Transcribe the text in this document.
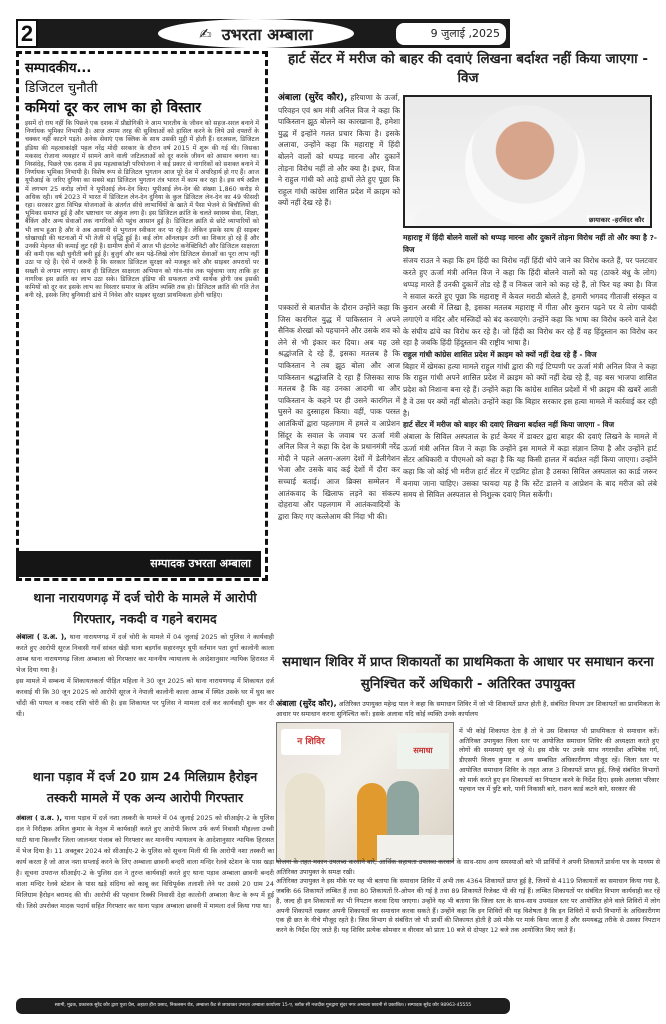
2	✍ उभरता अम्बाला	9 जुलाई ,2025
सम्पादकीय...
डिजिटल चुनौती
कमियां दूर कर लाभ का हो विस्तार
इसमें दो राय नहीं कि पिछले एक दशक में प्रौद्योगिकी ने आम भारतीय के जीवन को सहज-सरल बनाने में निर्णायक भूमिका निभायी है। आज तमाम तरह की सुविधाओं को हासिल करने के लिये उसे दफ्तरों के चक्कर नहीं काटने पड़ते। अनेक सेवाएं एक क्लिक के साथ उसकी मुट्ठी में होती हैं। दरअसल, डिजिटल इंडिया की महत्वाकांक्षी पहल नरेंद्र मोदी सरकार के दौरान वर्ष 2015 में शुरू की गई थी। जिसका मकसद रोजाना व्यवहार में सामने आने वाली जटिलताओं को दूर करके जीवन को आसान बनाना था। निस्संदेह, पिछले एक दशक में इस महत्वाकांक्षी परियोजना ने कई प्रकार से नागरिकों को सशक्त बनाने में निर्णायक भूमिका निभायी है। विशेष रूप से डिजिटल भुगतान आज पूरे देश में अपरिहार्य हो गए हैं। आज यूपीआई के जरिए दुनिया का सबसे बड़ा डिजिटल भुगतान तंत्र भारत में काम कर रहा है। इस वर्ष अप्रैल में लगभग 25 करोड़ लोगों ने यूपीआई लेन-देन किए। यूपीआई लेन-देन की संख्या 1,860 करोड़ से अधिक रही। वर्ष 2023 में भारत में डिजिटल लेन-देन दुनिया के कुल डिजिटल लेन-देन का 49 फीसदी रहा। सरकार द्वारा विभिन्न योजनाओं के अंतर्गत सीधे लाभार्थियों के खाते में पैसा भेजने से बिचौलियों की भूमिका समाप्त हुई है और भ्रष्टाचार पर अंकुश लगा है। इस डिजिटल क्रांति के चलते स्वास्थ्य सेवा, शिक्षा, बैंकिंग और अन्य सेवाओं तक नागरिकों की पहुंच आसान हुई है। डिजिटल क्रांति से छोटे व्यापारियों को भी लाभ हुआ है और वे अब आसानी से भुगतान स्वीकार कर पा रहे हैं। लेकिन इसके साथ ही साइबर धोखाधड़ी की घटनाओं में भी तेजी से वृद्धि हुई है। कई लोग ऑनलाइन ठगी का शिकार हो रहे हैं और उनकी मेहनत की कमाई लुट रही है। ग्रामीण क्षेत्रों में आज भी इंटरनेट कनेक्टिविटी और डिजिटल साक्षरता की कमी एक बड़ी चुनौती बनी हुई है। बुजुर्ग और कम पढ़े-लिखे लोग डिजिटल सेवाओं का पूरा लाभ नहीं उठा पा रहे हैं। ऐसे में जरूरी है कि सरकार डिजिटल सुरक्षा को मजबूत करे और साइबर अपराधों पर सख्ती से लगाम लगाए। साथ ही डिजिटल साक्षरता अभियान को गांव-गांव तक पहुंचाया जाए ताकि हर नागरिक इस क्रांति का लाभ उठा सके। डिजिटल इंडिया की सफलता तभी सार्थक होगी जब इसकी कमियों को दूर कर इसके लाभ का विस्तार समाज के अंतिम व्यक्ति तक हो। डिजिटल क्रांति की गति तेज बनी रहे, इसके लिए बुनियादी ढांचे में निवेश और साइबर सुरक्षा प्राथमिकता होनी चाहिए।
सम्पादक उभरता अम्बाला
हार्ट सेंटर में मरीज को बाहर की दवाएं लिखना बर्दाश्त नहीं किया जाएगा - विज
अंबाला (सुरेंद कौर), हरियाणा के ऊर्जा, परिवहन एवं श्रम मंत्री अनिल विज ने कहा कि पाकिस्तान झूठ बोलने का कारखाना है, हमेशा युद्ध में इन्होंने गलत प्रचार किया है। इसके अलावा, उन्होंने कहा कि महाराष्ट्र में हिंदी बोलने वालों को थप्पड़ मारना और दुकानें तोड़ना विरोध नहीं तो और क्या है। इधर, विज ने राहुल गांधी को आड़े हाथों लेते हुए पूछा कि राहुल गांधी कांग्रेस शासित प्रदेश में क्राइम को क्यों नहीं देख रहे हैं।
पत्रकारों से बातचीत के दौरान उन्होंने कहा कि जिस कारगिल युद्ध में पाकिस्तान ने अपने सैनिक शेरखां को पहचानने और उसके शव को लेने से भी इंकार कर दिया। अब यह उसे श्रद्धांजलि दे रहे हैं, इसका मतलब है कि पाकिस्तान ने तब झूठ बोला और आज पाकिस्तान श्रद्धांजलि दे रहा हैं जिसका साफ मतलब है कि वह उनका आदमी था और पाकिस्तान के कहने पर ही उसने कारगिल में घुसने का दुस्साहस किया। वहीं, पाक परस्त आतंकियों द्वारा पहलगाम में हमले व आप्रेशन सिंदूर के सवाल के जवाब पर ऊर्जा मंत्री अनिल विज ने कहा कि देश के प्रधानमंत्री नरेंद्र मोदी ने पहले अलग-अलग देशों में डेलीगेशन भेजा और उसके बाद कई देशों में दौरा कर सच्चाई बताई। आज ब्रिक्स सम्मेलन में आतंकवाद के खिलाफ लड़ने का संकल्प दोहराया और पहलगाम में आतंकवादियों के द्वारा किए गए कत्लेआम की निंदा भी की।
छायाकार -हरविंदर कौर
महाराष्ट्र में हिंदी बोलने वालों को थप्पड़ मारना और दुकानें तोड़ना विरोध नहीं तो और क्या है ?- विज
संजय राउत ने कहा कि हम हिंदी का विरोध नहीं हिंदी थोपे जाने का विरोध करते हैं, पर पलटवार करते हुए ऊर्जा मंत्री अनिल विज ने कहा कि हिंदी बोलने वालों को यह (ठाकरे बंधु के लोग) थप्पड़ मारते हैं उनकी दुकानें तोड रहे हैं व निकल जाने को कह रहे हैं, तो फिर यह क्या है। विज ने सवाल करते हुए पूछा कि महाराष्ट्र में केवल मराठी बोलते है, हमारी भगवद गीताजी संस्कृत व कुरान अरबी में लिखा है, इसका मतलब महाराष्ट्र में गीता और कुरान पढ़ने पर ये लोग पाबंदी लगाएंगे व मंदिर और मस्जिदों को बंद करवाएंगे। उन्होंने कहा कि भाषा का विरोध करने वाले देश के संघीय ढांचे का विरोध कर रहे है। जो हिंदी का विरोध कर रहे हैं वह हिंदुस्तान का विरोध कर रहा है जबकि हिंदी हिंदुस्तान की राष्ट्रीय भाषा है।
राहुल गांधी कांग्रेस शासित प्रदेश में क्राइम को क्यों नहीं देख रहे हैं - विज
बिहार में खेमका हत्या मामले राहुल गांधी द्वारा की गई टिप्पणी पर ऊर्जा मंत्री अनिल विज ने कहा कि राहुल गांधी अपने शासित प्रदेश में क्राइम को क्यों नहीं देख रहे हैं, वह बस भाजपा शासित प्रदेश को निशाना बना रहे हैं। उन्होंने कहा कि कांग्रेस शासित प्रदेशों में भी क्राइम की खबरें आती है वे उस पर क्यों नहीं बोलते। उन्होंने कहा कि बिहार सरकार इस हत्या मामले में कार्रवाई कर रही है।
हार्ट सेंटर में मरीज को बाहर की दवाएं लिखना बर्दाश्त नहीं किया जाएगा - विज
अंबाला के सिविल अस्पताल के हार्ट केयर में डाक्टर द्वारा बाहर की दवाएं लिखने के मामले में ऊर्जा मंत्री अनिल विज ने कहा कि उन्होंने इस मामले में कड़ा संज्ञान लिया है और उन्होंने हार्ट सेंटर अधिकारी व पीएमओ को कहा है कि यह किसी हालत में बर्दाश्त नहीं किया जाएगा। उन्होंने कहा कि जो कोई भी मरीज हार्ट सेंटर में एडमिट होता है उसका सिविल अस्पताल का कार्ड जरूर बनाया जाना चाहिए। उसका फायदा यह है कि स्टेंट डालने व आप्रेशन के बाद मरीज को लंबे समय से सिविल अस्पताल से निशुल्क दवाएं मिल सकेंगी।
थाना नारायणगढ़ में दर्ज चोरी के मामले में आरोपी गिरफ्तार, नकदी व गहने बरामद
अंबाला ( उ.अ. ), थाना नारायणगढ़ में दर्ज चोरी के मामले में 04 जुलाई 2025 को पुलिस ने कार्यवाही करते हुए आरोपी सूरज निवासी गावँ सांवत खेड़ी थाना बड़गाँव सहारनपुर यूपी वर्तमान पता दुर्गा कालोनी काला आम्ब थाना नारायणगढ़ जिला अम्बाला को गिरफ्तार कर माननीय न्यायालय के आदेशानुसार न्यायिक हिरासत में भेज दिया गया है।
इस मामले में सम्बन्ध में शिकायतकर्ता पीड़ित महिला ने 30 जून 2025 को थाना नारायणगढ़ में शिकायत दर्ज करवाई थी कि 30 जून 2025 को आरोपी सूरज ने नेपाली कालोनी काला आम्ब में स्थित उसके घर में घुस कर चाँदी की पायल व नकद राशि चोरी की है। इस शिकायत पर पुलिस ने मामला दर्ज कर कार्यवाही शुरू कर दी थी।
थाना पड़ाव में दर्ज 20 ग्राम 24 मिलिग्राम हैरोइन तस्करी मामले में एक अन्य आरोपी गिरफ्तार
अंबाला ( उ.अ. ), थाना पड़ाव में दर्ज नशा तस्करी के मामले में 04 जुलाई 2025 को सीआईए-2 के पुलिस दल ने निरीक्षक अनिल कुमार के नेतृत्व में कार्यवाही करते हुए आरोपी किरण उर्फ कर्ण निवासी मौहल्ला उच्ची घाटी थाना किल्लौर जिला जालन्धर पंजाब को गिरफ्तार कर माननीय न्यायालय के आदेशानुसार न्यायिक हिरासत में भेज दिया है। 11 अक्तूबर 2024 को सीआईए-2 के पुलिस को सूचना मिली थी कि आरोपी नशा तस्करी का कार्य करता है जो आज नशा सप्लाई करने के लिए अम्बाला छावनी बन्दरी वाला मन्दिर रेलवे स्टेशन के पास खड़ा है। सूचना उपरान्त सीआईए-2 के पुलिस दल ने तुरन्त कार्यवाही करते हुए थाना पड़ाव अम्बाला छावनी बन्दरी वाला मन्दिर रेलवे स्टेशन के पास खड़े संदिग्ध को काबू कर विधिपूर्वक तलाशी लेने पर उससे 20 ग्राम 24 मिलिग्राम हैरोइन बरामद की थी। आरोपी की पहचान रिक्की निवासी देहा कालोनी अम्बाला कैन्ट के रूप में हुई थी। जिसे उपरोक्त मादक पदार्थ सहित गिरफ्तार कर थाना पड़ाव अम्बाला छावनी में मामला दर्ज किया गया था।
समाधान शिविर में प्राप्त शिकायतों का प्राथमिकता के आधार पर समाधान करना सुनिश्चित करें अधिकारी - अतिरिक्त उपायुक्त
अंबाला (सुरेंद कौर), अतिरिक्त उपायुक्त महेन्द्र पाल ने कहा कि समाधान शिविर में जो भी शिकायतें प्राप्त होती है, संबंधित विभाग उन शिकायतों का प्राथमिकता के आधार पर समाधान करना सुनिश्चित करें। इसके अलावा यदि कोई व्यक्ति उनके कार्यालय
न शिविर
समाधा
में भी कोई शिकायत देता है तो वे उस शिकायत भी प्राथमिकता से समाधान करें। अतिरिक्त उपायुक्त जिला स्तर पर आयोजित समाधान शिविर की अध्यक्षता करते हुए लोगों की समस्याएं सुन रहे थे। इस मौके पर उनके साथ नगराधीश अभिषेक गर्ग, डीएसपी विजय कुमार व अन्य सम्बधित अधिकारीगण मौजूद रहें। जिला स्तर पर आयोजित समाधान शिविर के तहत आज 3 शिकायतें प्राप्त हुई, जिन्हें संबंधित विभागों को मार्क करते हुए इन शिकायतों का निपटान करने के निर्देश दिए। इसके अलावा परिवार पहचान पत्र में त्रुटि बारे, पानी निकासी बारे, राशन कार्ड कटने बारे, सरकार की
योजना के तहत मकान उपलब्ध करवाने बारे, आर्थिक सहायता उपलब्ध करवाने के साथ-साथ अन्य समस्याओं बारे भी प्रार्थियों ने अपनी शिकायतें प्रार्थना पत्र के माध्यम से अतिरिक्त उपायुक्त के समक्ष रखी।
अतिरिक्त उपायुक्त ने इस मौके पर यह भी बताया कि समाधान शिविर में अभी तक 4364 शिकायतें प्राप्त हुई है, जिनमें से 4119 शिकायतों का समाधान किया गया है, जबकि 66 शिकायतें लम्बित हैं तथा 80 शिकायतों रि-ओपन की गई है तथा 89 शिकायतें रिजेक्ट भी की गई हैं। लम्बित शिकायतों पर संबंधित विभाग कार्यवाही कर रहें है, जल्द ही इन शिकायतों का भी निपटान करवा दिया जाएगा। उन्होंने यह भी बताया कि जिला स्तर के साथ-साथ उपमंडल स्तर पर आयोजित होने वाले शिविरों में लोग अपनी शिकायतें रखकर अपनी शिकायतों का समाधान करवा सकते हैं। उन्होंने कहा कि इन शिविरों की यह विशेषता है कि इन शिविरों में सभी विभागों के अधिकारीगण एक ही छत के नीचे मौजूद रहते है। जिस विभाग से संबंधित जो भी प्रार्थी की शिकायत होती है उसे मौके पर मार्क किया जाता हैं और समयबद्ध तरीके से उसका निपटान करने के निर्देश दिए जाते हैं। यह शिविर प्रत्येक सोमवार व वीरवार को प्रातः 10 बजे से दोपहर 12 बजे तक आयोजित किए जाते हैं।
स्वामी, मुद्रक, प्रकाशक सुरेंद्र कौर द्वारा पूजा प्रैस, अहाता हीरा प्रसाद, निकलसन रोड, अम्बाला कैंट से छपवाकर उभरता अम्बाला कार्यालय 15-ए, ब्लॉक सी नजदीक गुरुद्वारा सुंदर नगर अम्बाला छावनी से प्रकाशित।। सम्पादक सुरेंद्र कौर 98963-45555
